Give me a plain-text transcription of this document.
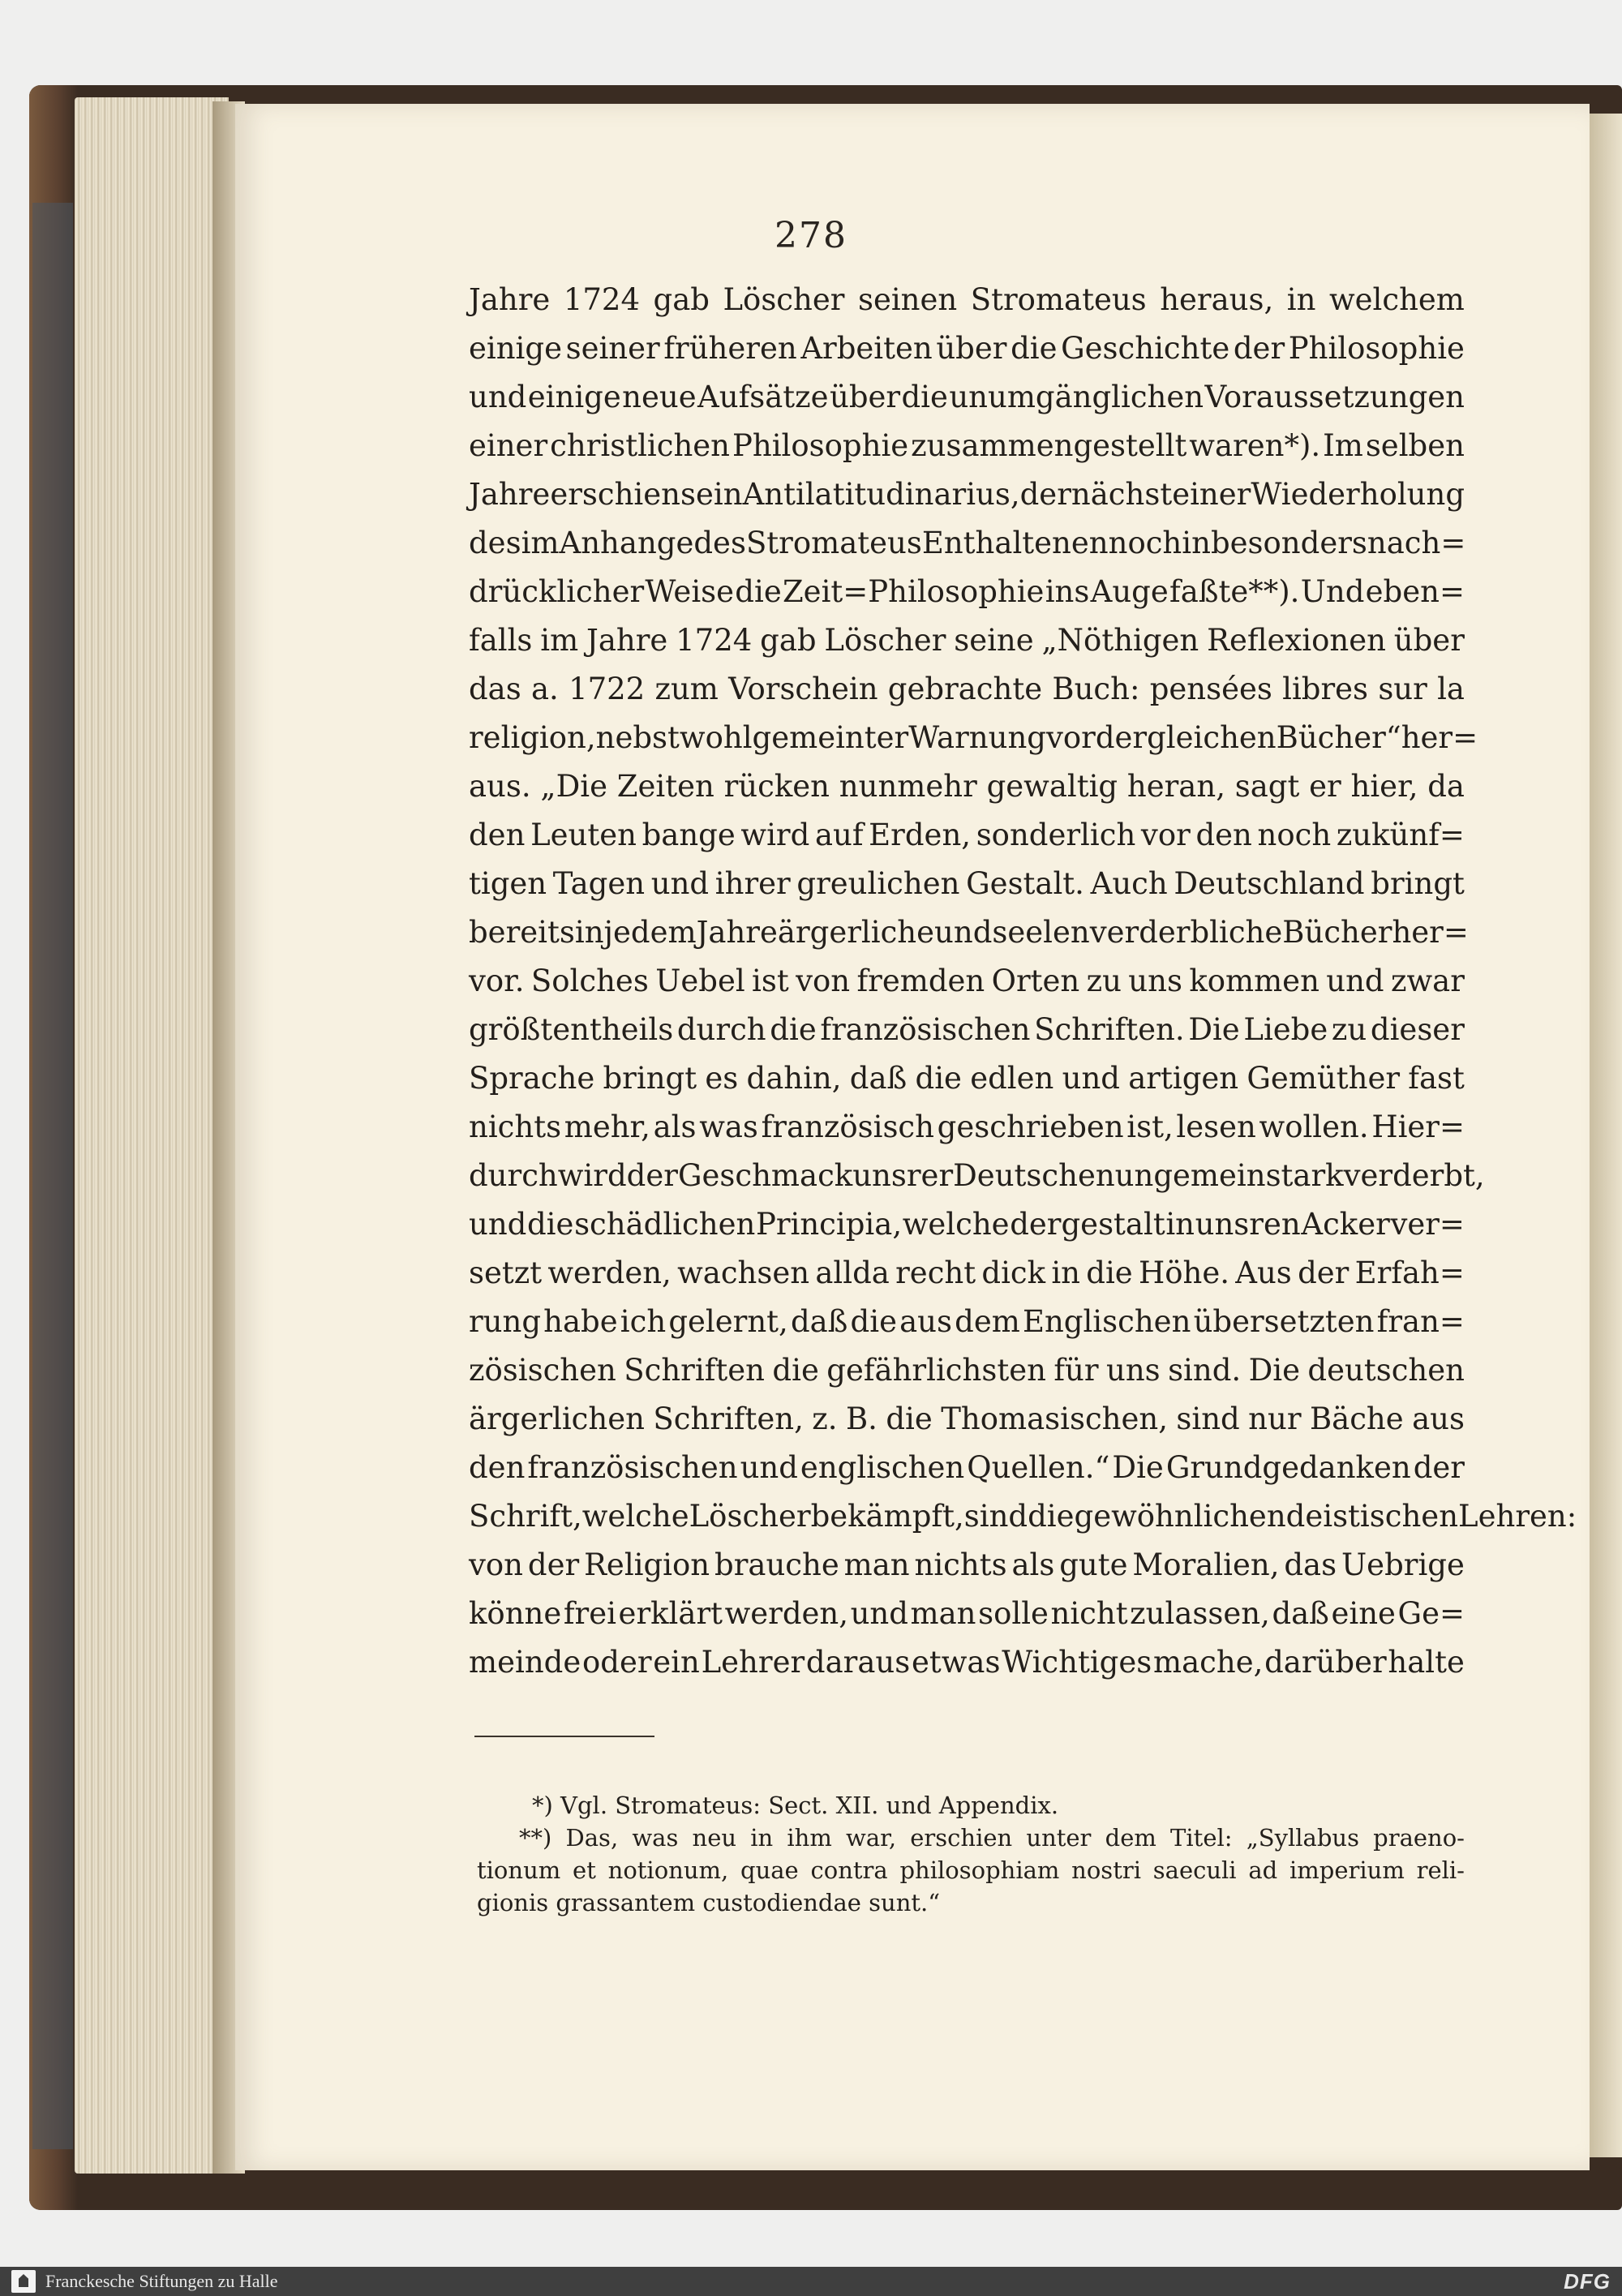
278
Jahre 1724 gab Löscher seinen Stromateus heraus, in welchem
einige seiner früheren Arbeiten über die Geschichte der Philosophie
und einige neue Aufsätze über die unumgänglichen Voraussetzungen
einer christlichen Philosophie zusammengestellt waren*). Im selben
Jahre erschien sein Antilatitudinarius, der nächst einer Wiederholung
des im Anhange des Stromateus Enthaltenen noch in besonders nach=
drücklicher Weise die Zeit=Philosophie ins Auge faßte**). Und eben=
falls im Jahre 1724 gab Löscher seine „Nöthigen Reflexionen über
das a. 1722 zum Vorschein gebrachte Buch: pensées libres sur la
religion, nebst wohlgemeinter Warnung vor dergleichen Bücher“ her=
aus. „Die Zeiten rücken nunmehr gewaltig heran, sagt er hier, da
den Leuten bange wird auf Erden, sonderlich vor den noch zukünf=
tigen Tagen und ihrer greulichen Gestalt. Auch Deutschland bringt
bereits in jedem Jahre ärgerliche und seelenverderbliche Bücher her=
vor. Solches Uebel ist von fremden Orten zu uns kommen und zwar
größtentheils durch die französischen Schriften. Die Liebe zu dieser
Sprache bringt es dahin, daß die edlen und artigen Gemüther fast
nichts mehr, als was französisch geschrieben ist, lesen wollen. Hier=
durch wird der Geschmack unsrer Deutschen ungemein stark verderbt,
und die schädlichen Principia, welche dergestalt in unsren Acker ver=
setzt werden, wachsen allda recht dick in die Höhe. Aus der Erfah=
rung habe ich gelernt, daß die aus dem Englischen übersetzten fran=
zösischen Schriften die gefährlichsten für uns sind. Die deutschen
ärgerlichen Schriften, z. B. die Thomasischen, sind nur Bäche aus
den französischen und englischen Quellen.“ Die Grundgedanken der
Schrift, welche Löscher bekämpft, sind die gewöhnlichen deistischen Lehren:
von der Religion brauche man nichts als gute Moralien, das Uebrige
könne frei erklärt werden, und man solle nicht zulassen, daß eine Ge=
meinde oder ein Lehrer daraus etwas Wichtiges mache, darüber halte
*) Vgl. Stromateus: Sect. XII. und Appendix.
**) Das, was neu in ihm war, erschien unter dem Titel: „Syllabus praeno-
tionum et notionum, quae contra philosophiam nostri saeculi ad imperium reli-
gionis grassantem custodiendae sunt.“
Franckesche Stiftungen zu Halle	DFG
